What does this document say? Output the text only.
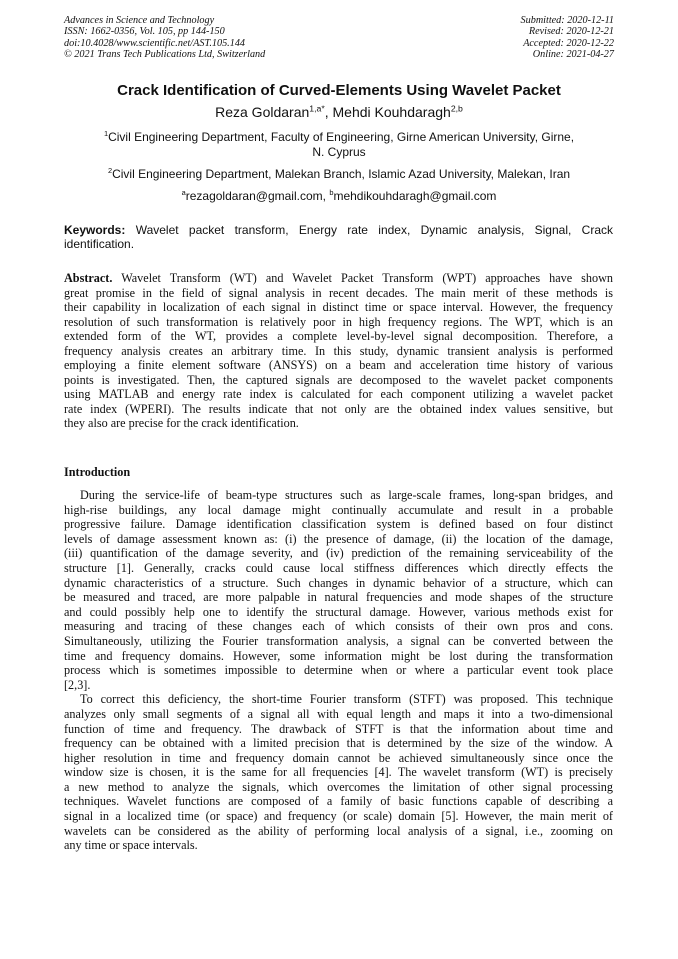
Advances in Science and Technology
ISSN: 1662-0356, Vol. 105, pp 144-150
doi:10.4028/www.scientific.net/AST.105.144
© 2021 Trans Tech Publications Ltd, Switzerland
Submitted: 2020-12-11
Revised: 2020-12-21
Accepted: 2020-12-22
Online: 2021-04-27
Crack Identification of Curved-Elements Using Wavelet Packet
Reza Goldaran$^{1,a*}$, Mehdi Kouhdaragh$^{2,b}$
$^1$Civil Engineering Department, Faculty of Engineering, Girne American University, Girne,
N. Cyprus
$^2$Civil Engineering Department, Malekan Branch, Islamic Azad University, Malekan, Iran
$^a$rezagoldaran@gmail.com, $^b$mehdikouhdaragh@gmail.com
Keywords: Wavelet packet transform, Energy rate index, Dynamic analysis, Signal, Crack
identification.
Abstract. Wavelet Transform (WT) and Wavelet Packet Transform (WPT) approaches have shown
great promise in the field of signal analysis in recent decades. The main merit of these methods is
their capability in localization of each signal in distinct time or space interval. However, the frequency
resolution of such transformation is relatively poor in high frequency regions. The WPT, which is an
extended form of the WT, provides a complete level-by-level signal decomposition. Therefore, a
frequency analysis creates an arbitrary time. In this study, dynamic transient analysis is performed
employing a finite element software (ANSYS) on a beam and acceleration time history of various
points is investigated. Then, the captured signals are decomposed to the wavelet packet components
using MATLAB and energy rate index is calculated for each component utilizing a wavelet packet
rate index (WPERI). The results indicate that not only are the obtained index values sensitive, but
they also are precise for the crack identification.
Introduction
During the service-life of beam-type structures such as large-scale frames, long-span bridges, and
high-rise buildings, any local damage might continually accumulate and result in a probable
progressive failure. Damage identification classification system is defined based on four distinct
levels of damage assessment known as: (i) the presence of damage, (ii) the location of the damage,
(iii) quantification of the damage severity, and (iv) prediction of the remaining serviceability of the
structure [1]. Generally, cracks could cause local stiffness differences which directly effects the
dynamic characteristics of a structure. Such changes in dynamic behavior of a structure, which can
be measured and traced, are more palpable in natural frequencies and mode shapes of the structure
and could possibly help one to identify the structural damage. However, various methods exist for
measuring and tracing of these changes each of which consists of their own pros and cons.
Simultaneously, utilizing the Fourier transformation analysis, a signal can be converted between the
time and frequency domains. However, some information might be lost during the transformation
process which is sometimes impossible to determine when or where a particular event took place
[2,3].
To correct this deficiency, the short-time Fourier transform (STFT) was proposed. This technique
analyzes only small segments of a signal all with equal length and maps it into a two-dimensional
function of time and frequency. The drawback of STFT is that the information about time and
frequency can be obtained with a limited precision that is determined by the size of the window. A
higher resolution in time and frequency domain cannot be achieved simultaneously since once the
window size is chosen, it is the same for all frequencies [4]. The wavelet transform (WT) is precisely
a new method to analyze the signals, which overcomes the limitation of other signal processing
techniques. Wavelet functions are composed of a family of basic functions capable of describing a
signal in a localized time (or space) and frequency (or scale) domain [5]. However, the main merit of
wavelets can be considered as the ability of performing local analysis of a signal, i.e., zooming on
any time or space intervals.
